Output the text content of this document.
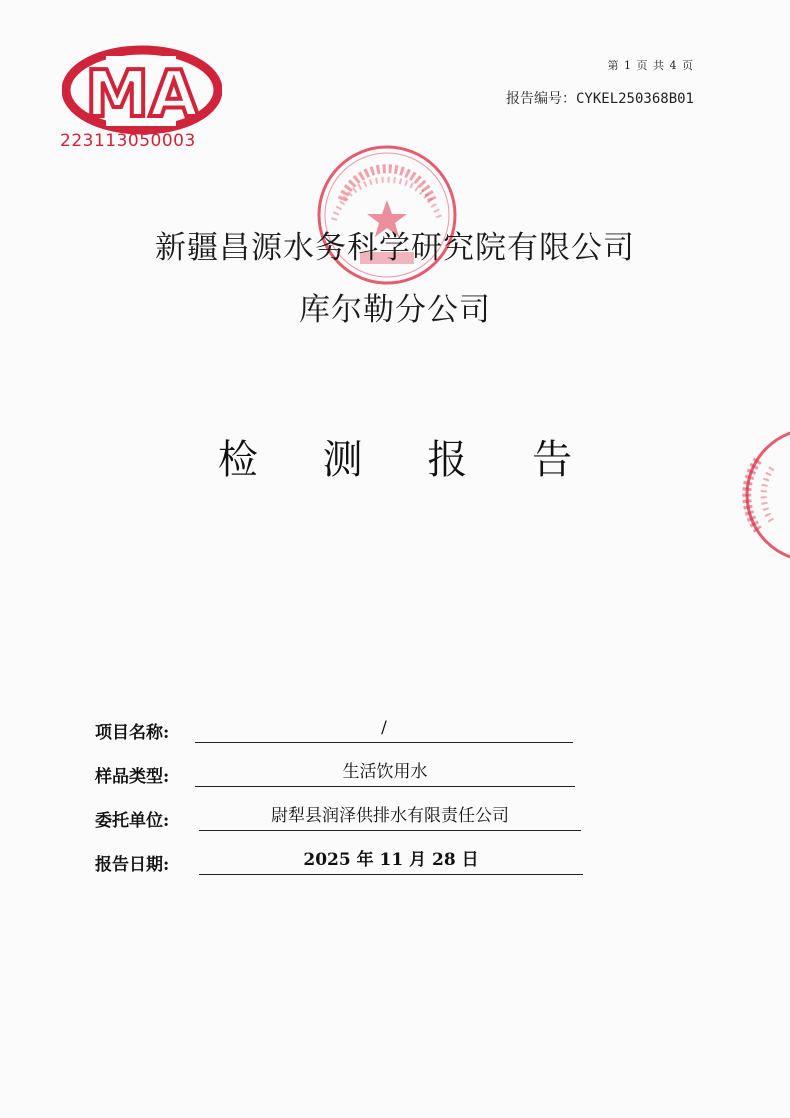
MA
223113050003
第 1 页 共 4 页
报告编号：CYKEL250368B01
新疆昌源水务科学研究院有限公司
库尔勒分公司
检 测 报 告
项目名称:	/
样品类型:	生活饮用水
委托单位:	尉犁县润泽供排水有限责任公司
报告日期:	2025 年 11 月 28 日
